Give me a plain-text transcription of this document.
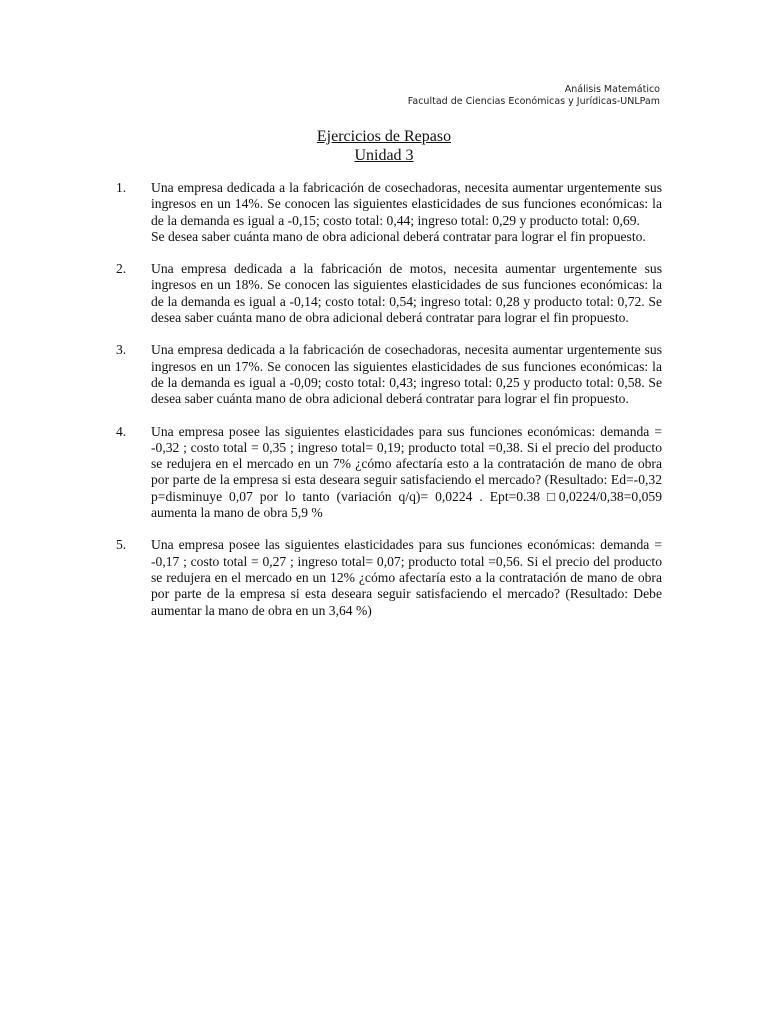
Análisis Matemático
Facultad de Ciencias Económicas y Jurídicas-UNLPam
Ejercicios de Repaso
Unidad 3
1.	Una empresa dedicada a la fabricación de cosechadoras, necesita aumentar urgentemente sus ingresos en un 14%. Se conocen las siguientes elasticidades de sus funciones económicas: la de la demanda es igual a -0,15; costo total: 0,44; ingreso total: 0,29 y producto total: 0,69.

Se desea saber cuánta mano de obra adicional deberá contratar para lograr el fin propuesto.

2.	Una empresa dedicada a la fabricación de motos, necesita aumentar urgentemente sus ingresos en un 18%. Se conocen las siguientes elasticidades de sus funciones económicas: la de la demanda es igual a -0,14; costo total: 0,54; ingreso total: 0,28 y producto total: 0,72. Se desea saber cuánta mano de obra adicional deberá contratar para lograr el fin propuesto.

3.	Una empresa dedicada a la fabricación de cosechadoras, necesita aumentar urgentemente sus ingresos en un 17%. Se conocen las siguientes elasticidades de sus funciones económicas: la de la demanda es igual a -0,09; costo total: 0,43; ingreso total: 0,25 y producto total: 0,58. Se desea saber cuánta mano de obra adicional deberá contratar para lograr el fin propuesto.

4.	Una empresa posee las siguientes elasticidades para sus funciones económicas: demanda = -0,32 ; costo total = 0,35 ; ingreso total= 0,19; producto total =0,38. Si el precio del producto se redujera en el mercado en un 7% ¿cómo afectaría esto a la contratación de mano de obra por parte de la empresa si esta deseara seguir satisfaciendo el mercado? (Resultado: Ed=-0,32 p=disminuye 0,07 por lo tanto (variación q/q)= 0,0224 . Ept=0.38 □0,0224/0,38=0,059 aumenta la mano de obra 5,9 %

5.	Una empresa posee las siguientes elasticidades para sus funciones económicas: demanda = -0,17 ; costo total = 0,27 ; ingreso total= 0,07; producto total =0,56. Si el precio del producto se redujera en el mercado en un 12% ¿cómo afectaría esto a la contratación de mano de obra por parte de la empresa si esta deseara seguir satisfaciendo el mercado? (Resultado: Debe aumentar la mano de obra en un 3,64 %)
